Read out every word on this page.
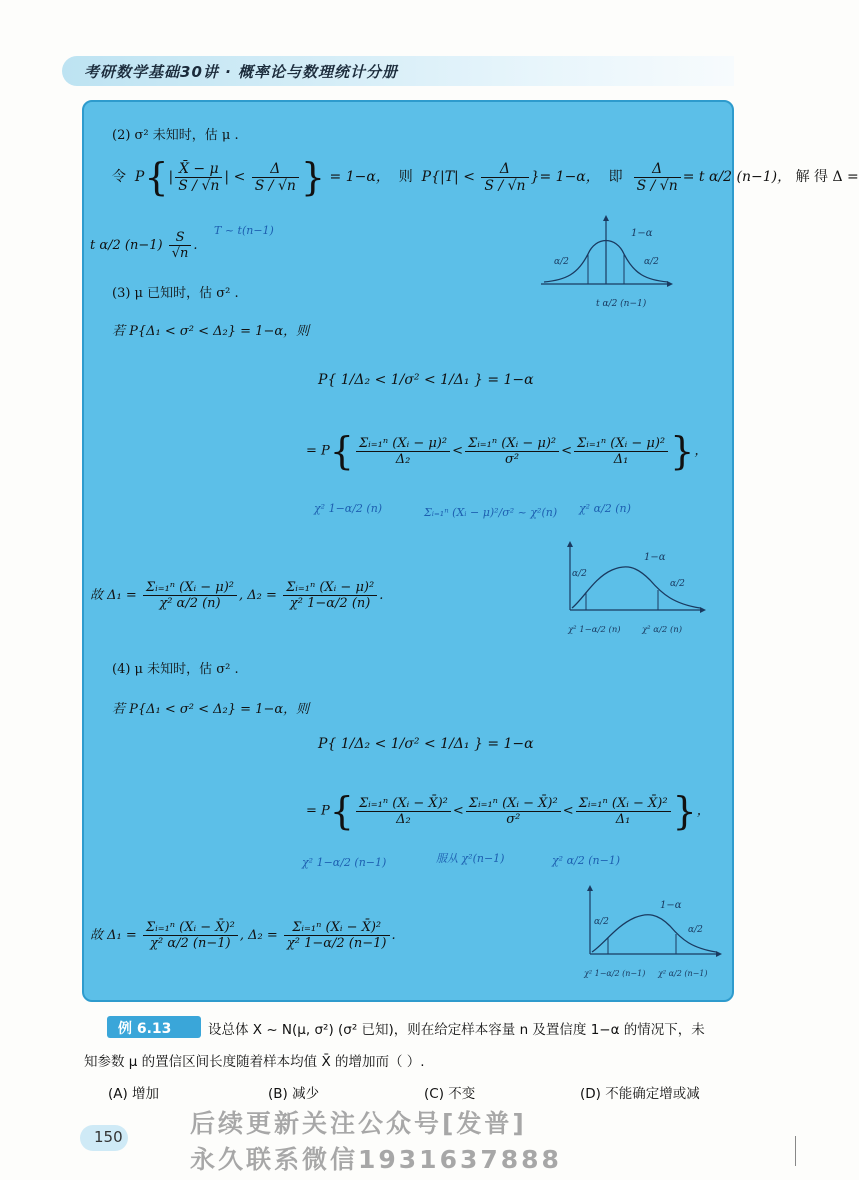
考研数学基础30讲 · 概率论与数理统计分册
(2) σ² 未知时，估 μ .
令 $P\{| \frac{X̄ - \mu}{S / √n}$ | < $\frac{\Delta}{S / √n}$ } = 1−α， 则 $P\{|T| < \frac{\Delta}{S / √n}$ }= 1−α， 即 $\frac{\Delta}{S / √n} = t$ α/2 (n−1)， 解 得 Δ =
T ~ t(n−1)
t α/2 $(n-1) \frac{S}{√n}$ .
1−α
α/2	α/2
t α/2 (n−1)
(3) μ 已知时，估 σ² .
若 P{Δ₁ < σ² < Δ₂} = 1−α，则
P{ 1/Δ₂ < 1/σ² < 1/Δ₁ } = 1−α
= $P\{ \frac{\text{Σᵢ₌₁ⁿ (Xᵢ − μ)²}}{\text{Δ₂}} < \frac{\text{Σᵢ₌₁ⁿ (Xᵢ − μ)²}}{\text{σ²}} < \frac{\text{Σᵢ₌₁ⁿ (Xᵢ − μ)²}}{\text{Δ₁}}$ }，
χ² 1−α/2 (n)	Σᵢ₌₁ⁿ (Xᵢ − μ)²/σ² ~ χ²(n) χ² α/2 (n)
故 $\Delta_1 = \frac{\text{Σᵢ₌₁ⁿ (Xᵢ − μ)²}}{\text{χ² α/2 (n)}}$ , $\Delta_2 = \frac{\text{Σᵢ₌₁ⁿ (Xᵢ − μ)²}}{\text{χ² 1−α/2 (n)}}$ .
1−α
α/2
α/2
χ² 1−α/2 (n)	χ² α/2 (n)
(4) μ 未知时，估 σ² .
若 P{Δ₁ < σ² < Δ₂} = 1−α，则
P{ 1/Δ₂ < 1/σ² < 1/Δ₁ } = 1−α
= $P\{ \frac{\text{Σᵢ₌₁ⁿ (Xᵢ − X̄)²}}{\text{Δ₂}} < \frac{\text{Σᵢ₌₁ⁿ (Xᵢ − X̄)²}}{\text{σ²}} < \frac{\text{Σᵢ₌₁ⁿ (Xᵢ − X̄)²}}{\text{Δ₁}}$ }，
χ² 1−α/2 (n−1)	服从 χ²(n−1)	χ² α/2 (n−1)
故 $\Delta_1 = \frac{\text{Σᵢ₌₁ⁿ (Xᵢ − X̄)²}}{\text{χ² α/2 (n−1)}}$ , $\Delta_2 = \frac{\text{Σᵢ₌₁ⁿ (Xᵢ − X̄)²}}{\text{χ² 1−α/2 (n−1)}}$ .
1−α
α/2
α/2
χ² 1−α/2 (n−1) χ² α/2 (n−1)
例 6.13	设总体 X ~ N(μ, σ²) (σ² 已知)，则在给定样本容量 n 及置信度 1−α 的情况下，未
知参数 μ 的置信区间长度随着样本均值 X̄ 的增加而（ ）.
(A) 增加	(B) 减少	(C) 不变	(D) 不能确定增或减
后续更新关注公众号[发普]
永久联系微信1931637888
150
